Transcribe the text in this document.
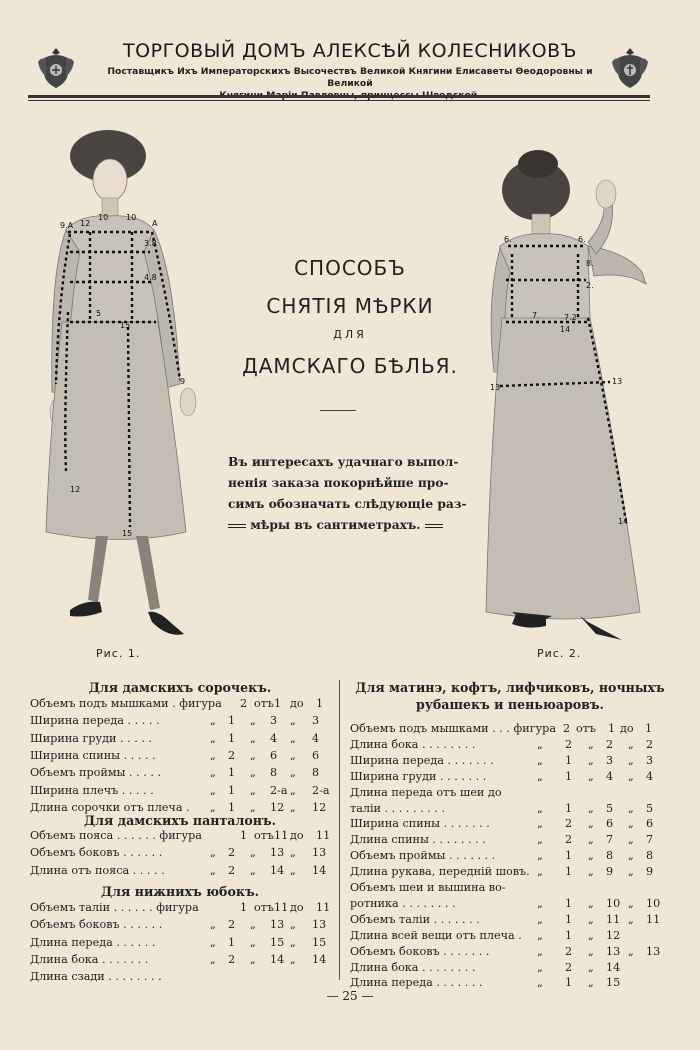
ТОРГОВЫЙ ДОМЪ АЛЕКСѢЙ КОЛЕСНИКОВЪ
Поставщикъ Ихъ Императорскихъ Высочествъ Великой Княгини Елисаветы Θеодоровны и Великой
Княгини Маріи Павловны, принцессы Шведской.
9.A 12
10 10
A
3.8
4.8
5
15
9
12
15
Рис. 1.
6.	6.
8.
2.
7	7.2
14
13
13
14
Рис. 2.
СПОСОБЪ
СНЯТІЯ МѢРКИ
ДЛЯ
ДАМСКАГО БѢЛЬЯ.
Въ интересахъ удачнаго выпол-
ненія заказа покорнѣйше про-
симъ обозначать слѣдующіе раз-
мѣры въ сантиметрахъ.
Для дамскихъ сорочекъ.
Объемъ подъ мышками . фигура 2 отъ 1 до 1
Ширина переда . . . . .	„ 1 „ 3 „ 3
Ширина груди . . . . .	„ 1 „ 4 „ 4
Ширина спины . . . . .	„ 2 „ 6 „ 6
Объемъ проймы . . . . .	„ 1 „ 8 „ 8
Ширина плечъ . . . . .	„ 1 „ 2-а „ 2-а
Длина сорочки отъ плеча . „ 1 „ 12 „ 12
Для дамскихъ панталонъ.
Объемъ пояса . . . . . . фигура	1 отъ 11 до 11
Объемъ боковъ . . . . . .	„ 2 „ 13 „ 13
Длина отъ пояса . . . . .	„ 2 „ 14 „ 14
Для нижнихъ юбокъ.
Объемъ таліи . . . . . . фигура	1 отъ 11 до 11
Объемъ боковъ . . . . . .	„ 2 „ 13 „ 13
Длина переда . . . . . .	„ 1 „ 15 „ 15
Длина бока . . . . . . .	„ 2 „ 14 „ 14
Длина сзади . . . . . . . .
Для матинэ, кофтъ, лифчиковъ, ночныхъ
рубашекъ и пеньюаровъ.
Объемъ подъ мышками . . . фигура 2 отъ 1 до 1
Длина бока . . . . . . . .	„ 2 „ 2 „ 2
Ширина переда . . . . . . .	„ 1 „ 3 „ 3
Ширина груди . . . . . . .	„ 1 „ 4 „ 4
Длина переда отъ шеи до
таліи . . . . . . . . .	„ 1 „ 5 „ 5
Ширина спины . . . . . . .	„ 2 „ 6 „ 6
Длина спины . . . . . . . .	„ 2 „ 7 „ 7
Объемъ проймы . . . . . . .	„ 1 „ 8 „ 8
Длина рукава, передній шовъ. „ 1 „ 9 „ 9
Объемъ шеи и вышина во-
ротника . . . . . . . .	„ 1 „ 10 „ 10
Объемъ таліи . . . . . . .	„ 1 „ 11 „ 11
Длина всей вещи отъ плеча . „ 1 „ 12
Объемъ боковъ . . . . . . .	„ 2 „ 13 „ 13
Длина бока . . . . . . . .	„ 2 „ 14
Длина переда . . . . . . .	„ 1 „ 15
— 25 —
